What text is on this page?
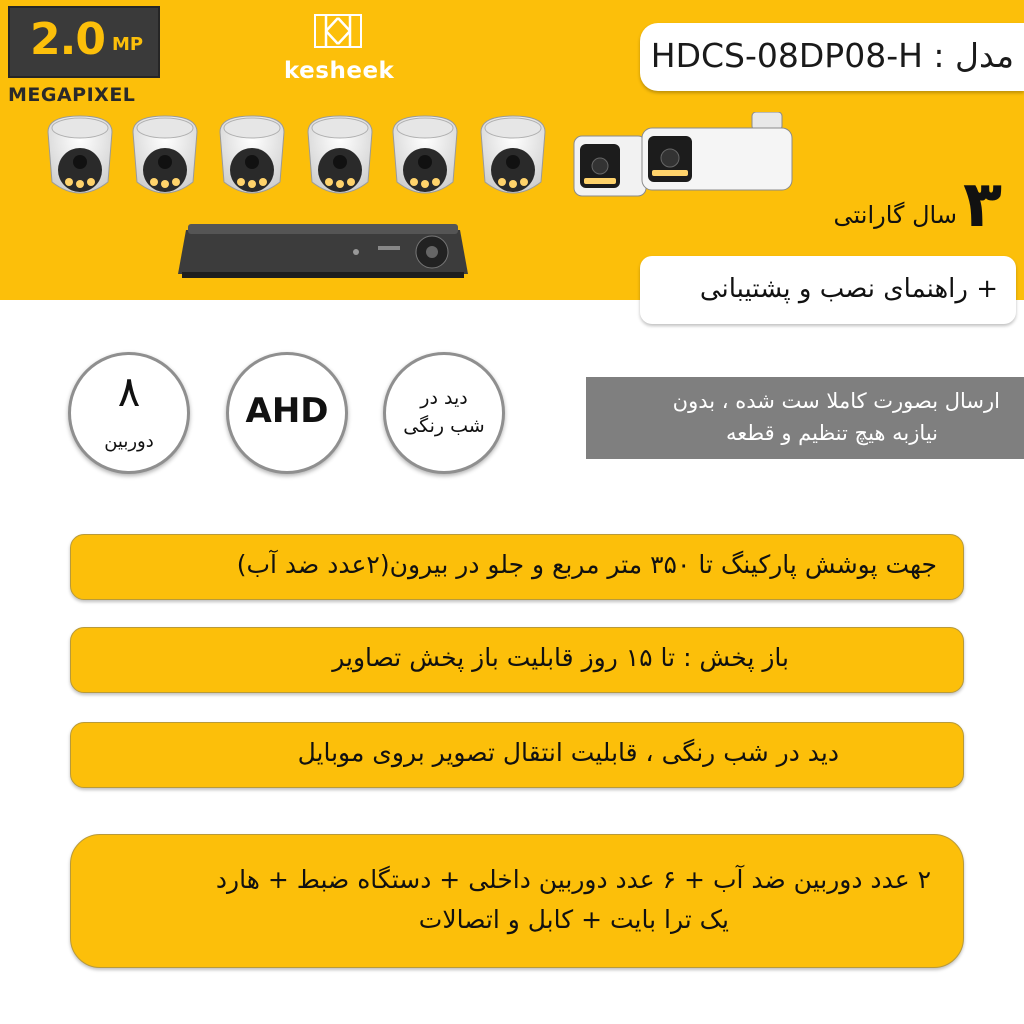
2.0 MP
MEGAPIXEL
kesheek	مدل : HDCS-08DP08-H
۳
سال گارانتی
+ راهنمای نصب و پشتیبانی
۸
دوربین
AHD	دید در
شب رنگی
ارسال بصورت کاملا ست شده ، بدون
نیازبه هیچ تنظیم و قطعه
جهت پوشش پارکینگ تا ۳۵۰ متر مربع و جلو در بیرون(۲عدد ضد آب)
باز پخش : تا ۱۵ روز قابلیت باز پخش تصاویر
دید در شب رنگی ، قابلیت انتقال تصویر بروی موبایل
۲ عدد دوربین ضد آب + ۶ عدد دوربین داخلی + دستگاه ضبط + هارد
یک ترا بایت + کابل و اتصالات
